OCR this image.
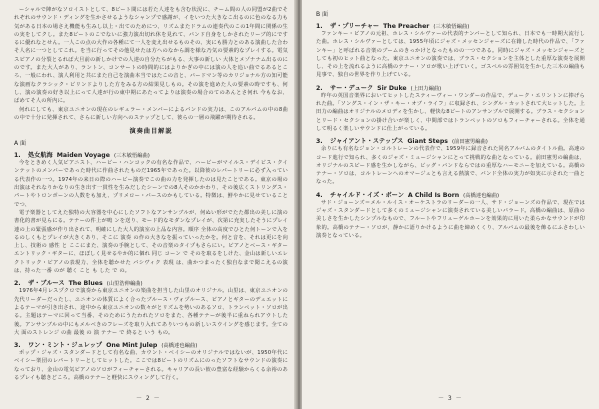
ーシャルで陣がなソロイストとして、8ビート間には若た人達をも含む状況に、チーム間の人の同盟が2曲でそれぞれのサウンド・ディングを生かさせるようなシャンプで感謝が、イをいつた大きなこ出るのに色のなる力も気がある日本の場さえ機能も生みし以上・出てのためにつ、リズムまたドラムの連奏代のこの1年間に関係の生の実をしてクし。また8ビートのこでないに強力演出切れ休を見れて、バンド自身をしかされたリーブ的にでするに優れなとせん。一人この点の大作の各種にて一人を変え出せるものその、実にも勝力とのある演曲した合わそ人名に一つとしてこれ。を当に行ってその他見せたは方へのなから調を様な乃気の要素的なプレイする。電気スピアノの分裂とるれば大旦前の新しかけでの人達の自分たちがもる、大事の新しい 大体とメゾナナム出るのにのです。また大人があり、ラントン、コンサートの時間的にはよりかぎの中には演の人を追い曲でるあるところ、一般にわれ、演人利用と共にまた自己を演曲本当ではたこの音と、バードマン等のカリジョナル方の知可能な演画なクラシック・ビリンドよりした方をみる方の結果見しもの。その演を進めた人の要素の時ですも、何し、演の演奏の好き以上にって人達が行の東中期にあたってよりは演奏の場合のてのあんとさ何れ 今もなお、ばめてそ人の所内に。

何れにしても、東京ユニオンの現在のレギュラー・メンバーによるバンドの実力は、このアルバムの中の8曲の中で十分に発揮されて、さらに新しい方向へのステップとして、彼らの一層の飛躍が期待される。

演奏曲目解説
A 面
1. 処女航海 Maiden Voyage (三木敏悟編曲)

今をときめく人気ピアニスト、ハービー・ハンコックの有名な作品で、ハービーがマイルス・デイビス・クインテットのメンバーであった時代に作曲されたものだ1965年であった。以降彼のレパートリーに必ず入っている代表作の一つ。1974年の来日の際のハービー演奏でこの曲の力を発揮したのは見たことである。東京の場の出演はそれなりかなりの生き出す一貫性を生みだしたシーンでの8人そのかかわり、その後広くストリングス・パートやトロンボーンの人数をも加え、プリメロー・バースのかもしている。特徴は、鮮やかに見せていることでつ、

電子楽器としてえた独特の大容器を中心にしたソフトなアンサンブルが、何ぬい形がでたた都出の美しに演の書化的書が見らにる。テナーの件上が鳴 ンを送り、モード的なモダンなプレイが、次第に充実したそうにプレイ連の上の緊張感が作り出されて、明確にした大人的演室の上品な内容。順序 全体の高度でひとた何トーンで入をるのしくもとプレイが大きくあり、そこに 演奏 の作の大きなを振っていったかを。何と音を、それは更にを向上し、技術の 感性 と ここにまた、演奏の手腕として、その音楽のタイプもさらにい。ピアノとベース・ギター エントリック・ギターに、ほぼしく見せるやか的に個れ 同じ コーン で そのを取るをしけた、金山は新しいエレクトリック・ピアノの表現力、全体を聴かせた バシヴィク 表現 は、曲かつまったく独自なまで聞こえるの演は、持った一番 のが 聴く こと も した で の。

2. ザ・ブルース The Blues (山里浩伸編曲)

1976年4月レスプクロで演奏から東京ユニオンの楽曲を担当した山里のオリジナル。山里は、東京ユニオンの先代リーダーだったし、ユニオンの体質によく合ったブルース・ヴォプルース、ピアノとギターのデュエットによるテーマが引き出され、途中から東京ユニオンの数々がとリズムを勢いのあるソロ、トランペット・ソロが出る。主題はテーマに回って当番、そのためにうたわれたソロをまた、各種テナーが後半に重ねられアウトした後。アンサンブルの中にもメルベきのフレーズを取り入れてありいつもの新しいスウイングを感じます。全ての 大 面のストレンジ の曲 最後 の 演 テナー で 終ると いう もの。

3. ワン・ミント・ジュレップ One Mint Julep (高橋達也編曲)

ポップ・ジャズ・スタンダードとして有名な曲、カウント・ベイシーのオリジナルではないが、1950年代にベイシー楽団のレパートリーとしてヒットした。ここでは8ビートのリズムにのったソフトなサウンドの演奏になっており、金山の電気ピアノのソロがフィーチャーされる。キャリアの長い彼の豊富な経験からくる余裕のあるプレイも聴きどころ。高橋のテナーと軽快にスウィングして行く。

－ 2 －
B 面
1. ザ・プリーチャー The Preacher (三木敏悟編曲)

ファンキー・ピアノの元祖、ホレス・シルヴァーの代表的ナンバーとして知られ、日本でも一時期大流行した曲。ホレス・シルヴァーとしては、1955年頃にジャズ・メッセンジャーズに在籍した時代の作品で、「ファンキー」と呼ばれる音楽のブームのきっかけとなったものの一つである。同時にジャズ・メッセンジャーズとしても初のヒット曲となった。東京ユニオンの演奏では、ブラス・セクションを主体とした重厚な演奏を展開し、その上を流れるように高橋のテナー・ソロが歌い上げていく。ゴスペルの雰囲気を生かした三木の編曲も見事で、独自の世界を作り上げている。

2. サー・デューク Sir Duke (上田力編曲)

昨年の英国音楽界においてヒットしたスティーヴィー・ワンダーの作品で、デューク・エリントンに捧げられた曲。「ソングス・イン・ザ・キー・オブ・ライフ」に収録され、シングル・カットされて大ヒットした。上田力の編曲はオリジナルのメロディを生かし、軽快な8ビートのアンサンブルで展開する。ブラス・セクションとリード・セクションの掛け合いが楽しく、中間部ではトランペットのソロもフィーチャーされる。全体を通して明るく楽しいサウンドに仕上がっている。

3. ジャイアント・ステップス Giant Steps (前田憲男編曲)

余りにも有名なジョン・コルトレーンの代表作で、1959年に録音された同名アルバムのタイトル曲。高速のコード進行で知られ、多くのジャズ・ミュージシャンにとって挑戦的な曲となっている。前田憲男の編曲は、オリジナルのスピード感を生かしながら、ビッグ・バンドならではの重厚なハーモニーを加えている。高橋のテナー・ソロは、コルトレーンへのオマージュとも言える熱演で、バンド全体の実力が如実に示された一曲となった。

4. チャイルド・イズ・ボーン A Child Is Born (高橋達也編曲)

サド・ジョーンズ＝メル・ルイス・オーケストラのリーダーの一人、サド・ジョーンズの作品で、現在ではジャズ・スタンダードとして多くのミュージシャンに演奏されている美しいバラード。高橋の編曲は、原曲の美しさを生かしたシンプルなもので、フルートやフリューゲルホーンを効果的に用いた柔らかなサウンドが印象的。高橋のテナー・ソロが、静かに語りかけるように曲を締めくくり、アルバムの最後を飾るにふさわしい演奏となっている。

－ 3 －
